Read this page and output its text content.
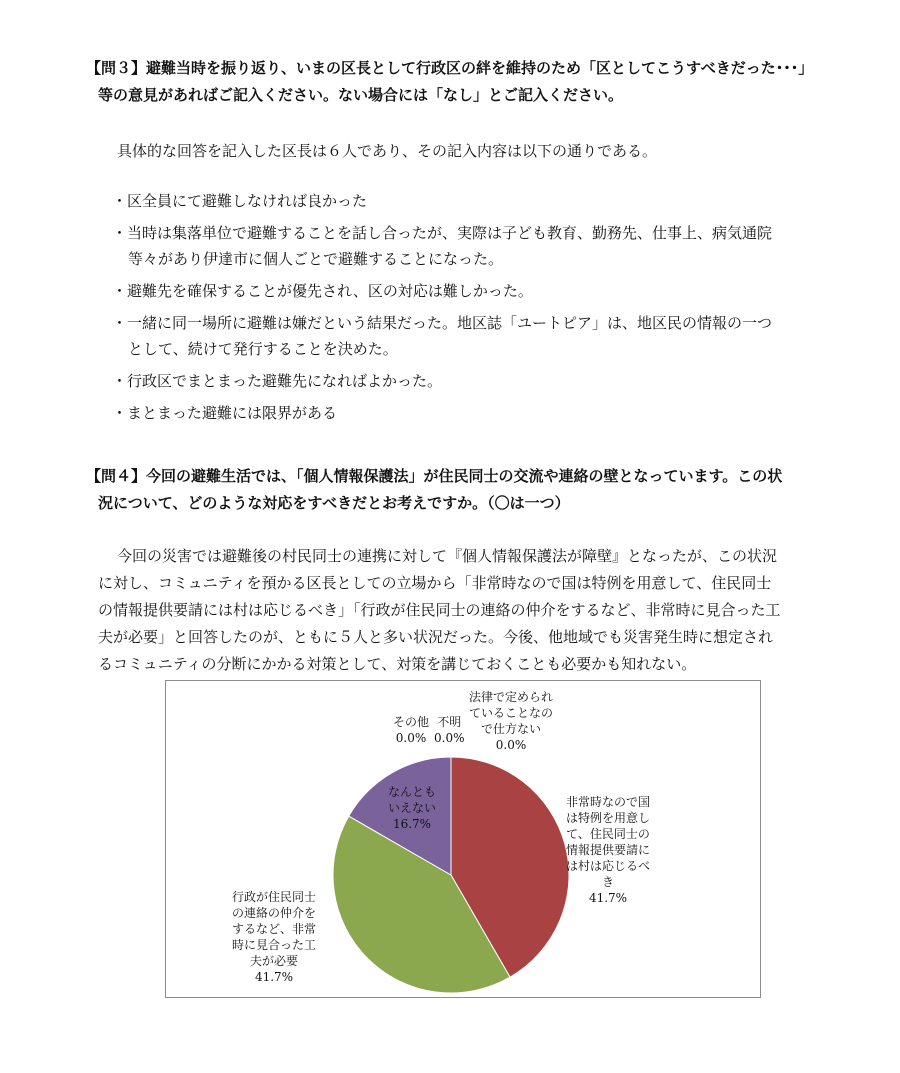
【問３】避難当時を振り返り、いまの区長として行政区の絆を維持のため「区としてこうすべきだった･･･」
等の意見があればご記入ください。ない場合には「なし」とご記入ください。
具体的な回答を記入した区長は６人であり、その記入内容は以下の通りである。
・区全員にて避難しなければ良かった
・当時は集落単位で避難することを話し合ったが、実際は子ども教育、勤務先、仕事上、病気通院
等々があり伊達市に個人ごとで避難することになった。
・避難先を確保することが優先され、区の対応は難しかった。
・一緒に同一場所に避難は嫌だという結果だった。地区誌「ユートピア」は、地区民の情報の一つ
として、続けて発行することを決めた。
・行政区でまとまった避難先になればよかった。
・まとまった避難には限界がある
【問４】今回の避難生活では、「個人情報保護法」が住民同士の交流や連絡の壁となっています。この状
況について、どのような対応をすべきだとお考えですか。（〇は一つ）
今回の災害では避難後の村民同士の連携に対して『個人情報保護法が障壁』となったが、この状況
に対し、コミュニティを預かる区長としての立場から「非常時なので国は特例を用意して、住民同士
の情報提供要請には村は応じるべき」「行政が住民同士の連絡の仲介をするなど、非常時に見合った工
夫が必要」と回答したのが、ともに５人と多い状況だった。今後、他地域でも災害発生時に想定され
るコミュニティの分断にかかる対策として、対策を講じておくことも必要かも知れない。
その他
0.0%
不明
0.0%
法律で定められ
ていることなの
で仕方ない
0.0%
なんとも
いえない
16.7%
非常時なので国
は特例を用意し
て、住民同士の
情報提供要請に
は村は応じるべ
き
41.7%
行政が住民同士
の連絡の仲介を
するなど、非常
時に見合った工
夫が必要
41.7%
